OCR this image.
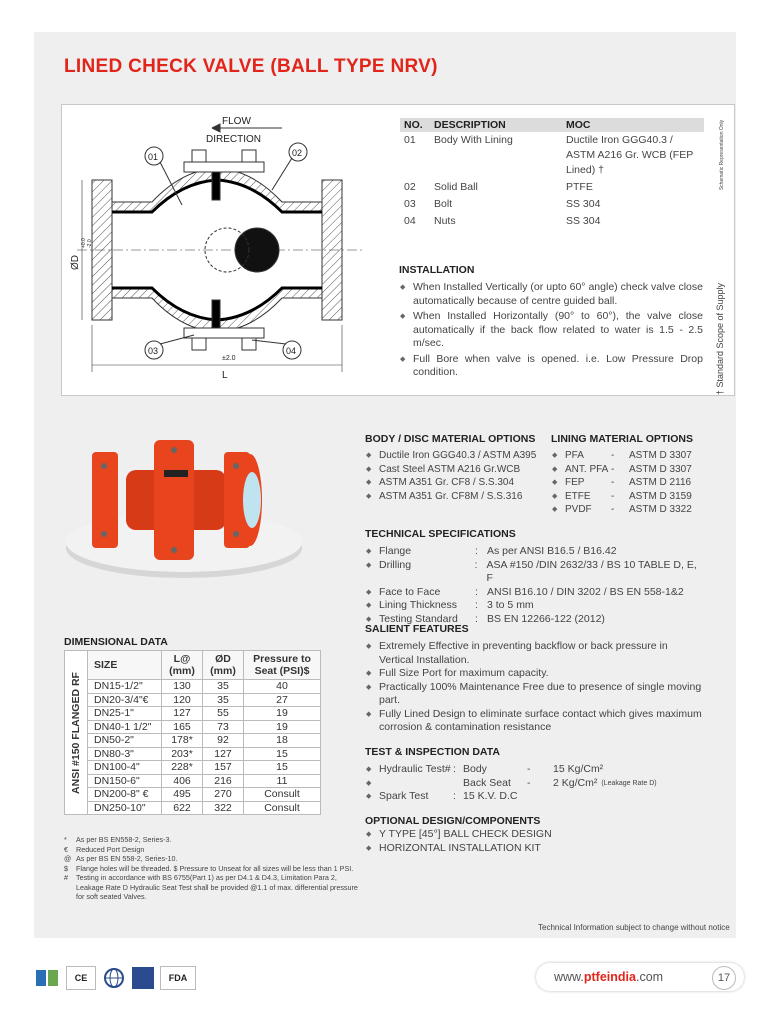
LINED CHECK VALVE (BALL TYPE NRV)
FLOW
DIRECTION
01	02
03	04
±2.0
L
ØD
+0.0 -2.0
NO.	DESCRIPTION	MOC
01	Body With Lining	Ductile Iron GGG40.3 / ASTM A216 Gr. WCB (FEP Lined) †
02	Solid Ball	PTFE
03	Bolt	SS 304
04	Nuts	SS 304
Schematic Representation Only
† Standard Scope of Supply
INSTALLATION
◆ When Installed Vertically (or upto 60° angle) check valve close automatically because of centre guided ball.
◆ When Installed Horizontally (90° to 60°), the valve close automatically if the back flow related to water is 1.5 - 2.5 m/sec.
◆ Full Bore when valve is opened. i.e. Low Pressure Drop condition.
BODY / DISC MATERIAL OPTIONS
◆ Ductile Iron GGG40.3 / ASTM A395
◆ Cast Steel ASTM A216 Gr.WCB
◆ ASTM A351 Gr. CF8 / S.S.304
◆ ASTM A351 Gr. CF8M / S.S.316
LINING MATERIAL OPTIONS
◆ PFA	-	ASTM D 3307
◆ ANT. PFA -	ASTM D 3307
◆ FEP	-	ASTM D 2116
◆ ETFE	-	ASTM D 3159
◆ PVDF	-	ASTM D 3322
TECHNICAL SPECIFICATIONS
◆ Flange	: As per ANSI B16.5 / B16.42
◆ Drilling	: ASA #150 /DIN 2632/33 / BS 10 TABLE D, E, F
◆ Face to Face	: ANSI B16.10 / DIN 3202 / BS EN 558-1&2
◆ Lining Thickness	: 3 to 5 mm
◆ Testing Standard	: BS EN 12266-122 (2012)
SALIENT FEATURES
◆ Extremely Effective in preventing backflow or back pressure in Vertical Installation.
◆ Full Size Port for maximum capacity.
◆ Practically 100% Maintenance Free due to presence of single moving part.
◆ Fully Lined Design to eliminate surface contact which gives maximum corrosion & contamination resistance
TEST & INSPECTION DATA
◆ Hydraulic Test# : Body	-	15 Kg/Cm²
◆ Back Seat	-	2 Kg/Cm² (Leakage Rate D)
◆ Spark Test	: 15 K.V. D.C
OPTIONAL DESIGN/COMPONENTS
◆ Y TYPE [45°] BALL CHECK DESIGN
◆ HORIZONTAL INSTALLATION KIT
DIMENSIONAL DATA
ANSI #150 FLANGED RF	SIZE	L@ (mm)	ØD (mm)	Pressure to Seat (PSI)$
	DN15-1/2"	130	35	40
	DN20-3/4"€	120	35	27
	DN25-1"	127	55	19
	DN40-1 1/2"	165	73	19
	DN50-2"	178*	92	18
	DN80-3"	203*	127	15
	DN100-4"	228*	157	15
	DN150-6"	406	216	11
	DN200-8" €	495	270	Consult
	DN250-10"	622	322	Consult
* As per BS EN558-2, Series-3.
€ Reduced Port Design
@ As per BS EN 558-2, Series-10.
$ Flange holes will be threaded. $ Pressure to Unseat for all sizes will be less than 1 PSI.
# Testing in accordance with BS 6755(Part 1) as per D4.1 & D4.3, Limitation Para 2, Leakage Rate D Hydraulic Seat Test shall be provided @1.1 of max. differential pressure for soft seated Valves.
Technical Information subject to change without notice
CE	FDA	www.ptfeindia.com	17
